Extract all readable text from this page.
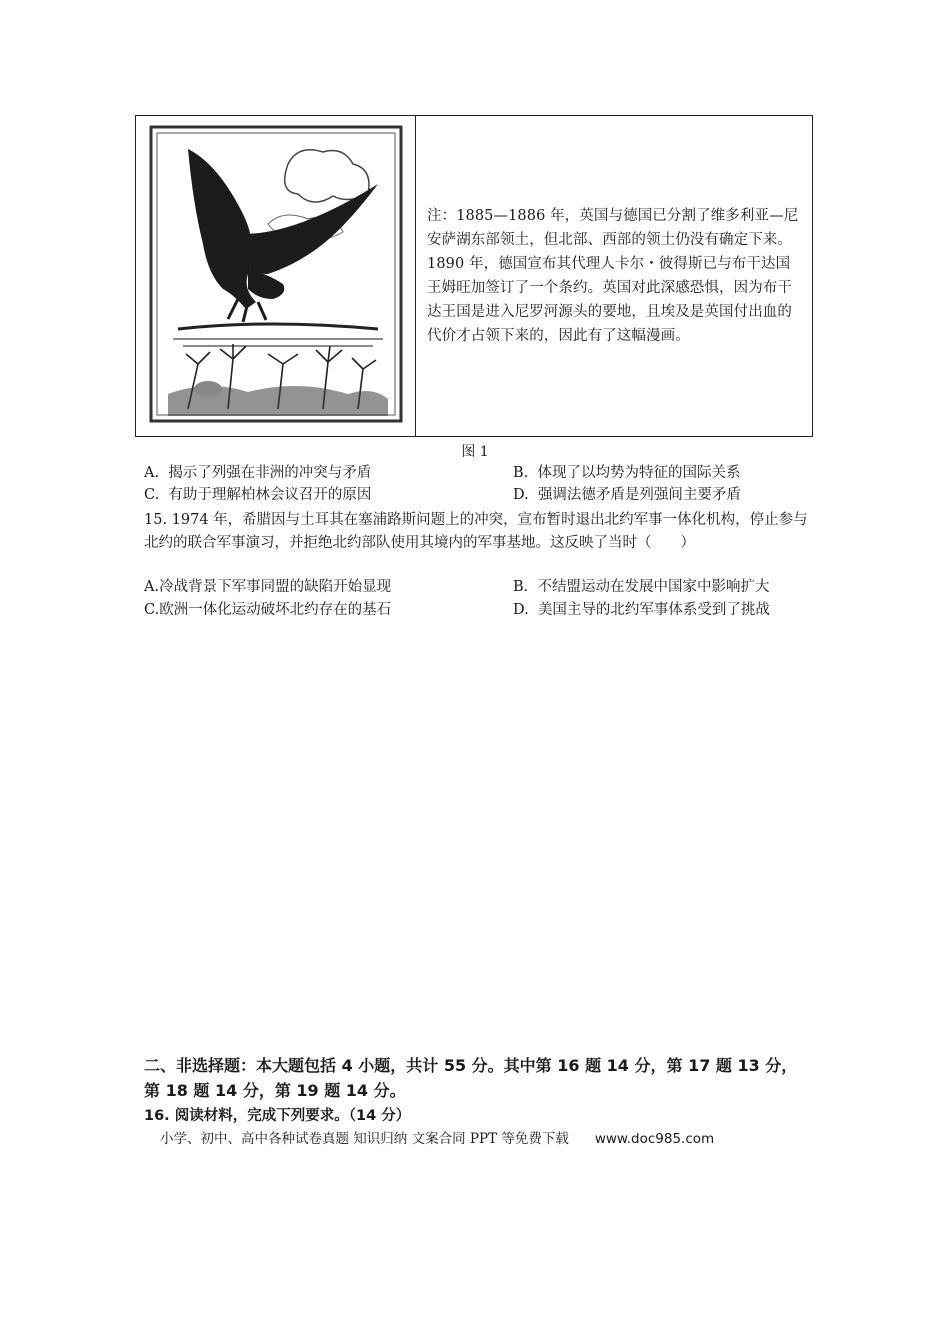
注：1885—1886 年，英国与德国已分割了维多利亚—尼安萨湖东部领土，但北部、西部的领土仍没有确定下来。1890 年，德国宣布其代理人卡尔・彼得斯已与布干达国王姆旺加签订了一个条约。英国对此深感恐惧，因为布干达王国是进入尼罗河源头的要地，且埃及是英国付出血的代价才占领下来的，因此有了这幅漫画。
图 1
A. 揭示了列强在非洲的冲突与矛盾	B. 体现了以均势为特征的国际关系
C. 有助于理解柏林会议召开的原因	D. 强调法德矛盾是列强间主要矛盾
15. 1974 年，希腊因与土耳其在塞浦路斯问题上的冲突，宣布暂时退出北约军事一体化机构，停止参与北约的联合军事演习，并拒绝北约部队使用其境内的军事基地。这反映了当时（　　）
A.冷战背景下军事同盟的缺陷开始显现	B. 不结盟运动在发展中国家中影响扩大
C.欧洲一体化运动破坏北约存在的基石	D. 美国主导的北约军事体系受到了挑战
二、非选择题：本大题包括 4 小题，共计 55 分。其中第 16 题 14 分，第 17 题 13 分，第 18 题 14 分，第 19 题 14 分。
16. 阅读材料，完成下列要求。（14 分）
小学、初中、高中各种试卷真题 知识归纳 文案合同 PPT 等免费下载 www.doc985.com
